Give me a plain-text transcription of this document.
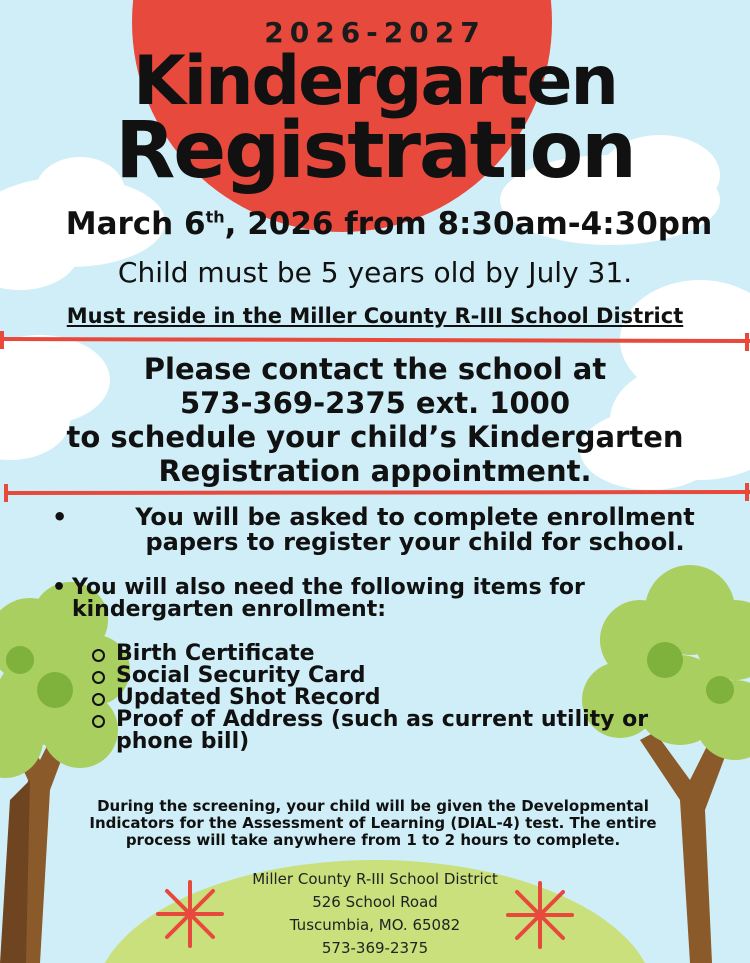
2026-2027
Kindergarten
Registration
March 6th, 2026 from 8:30am-4:30pm
Child must be 5 years old by July 31.
Must reside in the Miller County R-III School District
Please contact the school at
573-369-2375 ext. 1000
to schedule your child’s Kindergarten
Registration appointment.
•	You will be asked to complete enrollment
papers to register your child for school.
• You will also need the following items for
kindergarten enrollment:
Birth Certificate
Social Security Card
Updated Shot Record
Proof of Address (such as current utility or
phone bill)
During the screening, your child will be given the Developmental
Indicators for the Assessment of Learning (DIAL-4) test. The entire
process will take anywhere from 1 to 2 hours to complete.
Miller County R-III School District
526 School Road
Tuscumbia, MO. 65082
573-369-2375
